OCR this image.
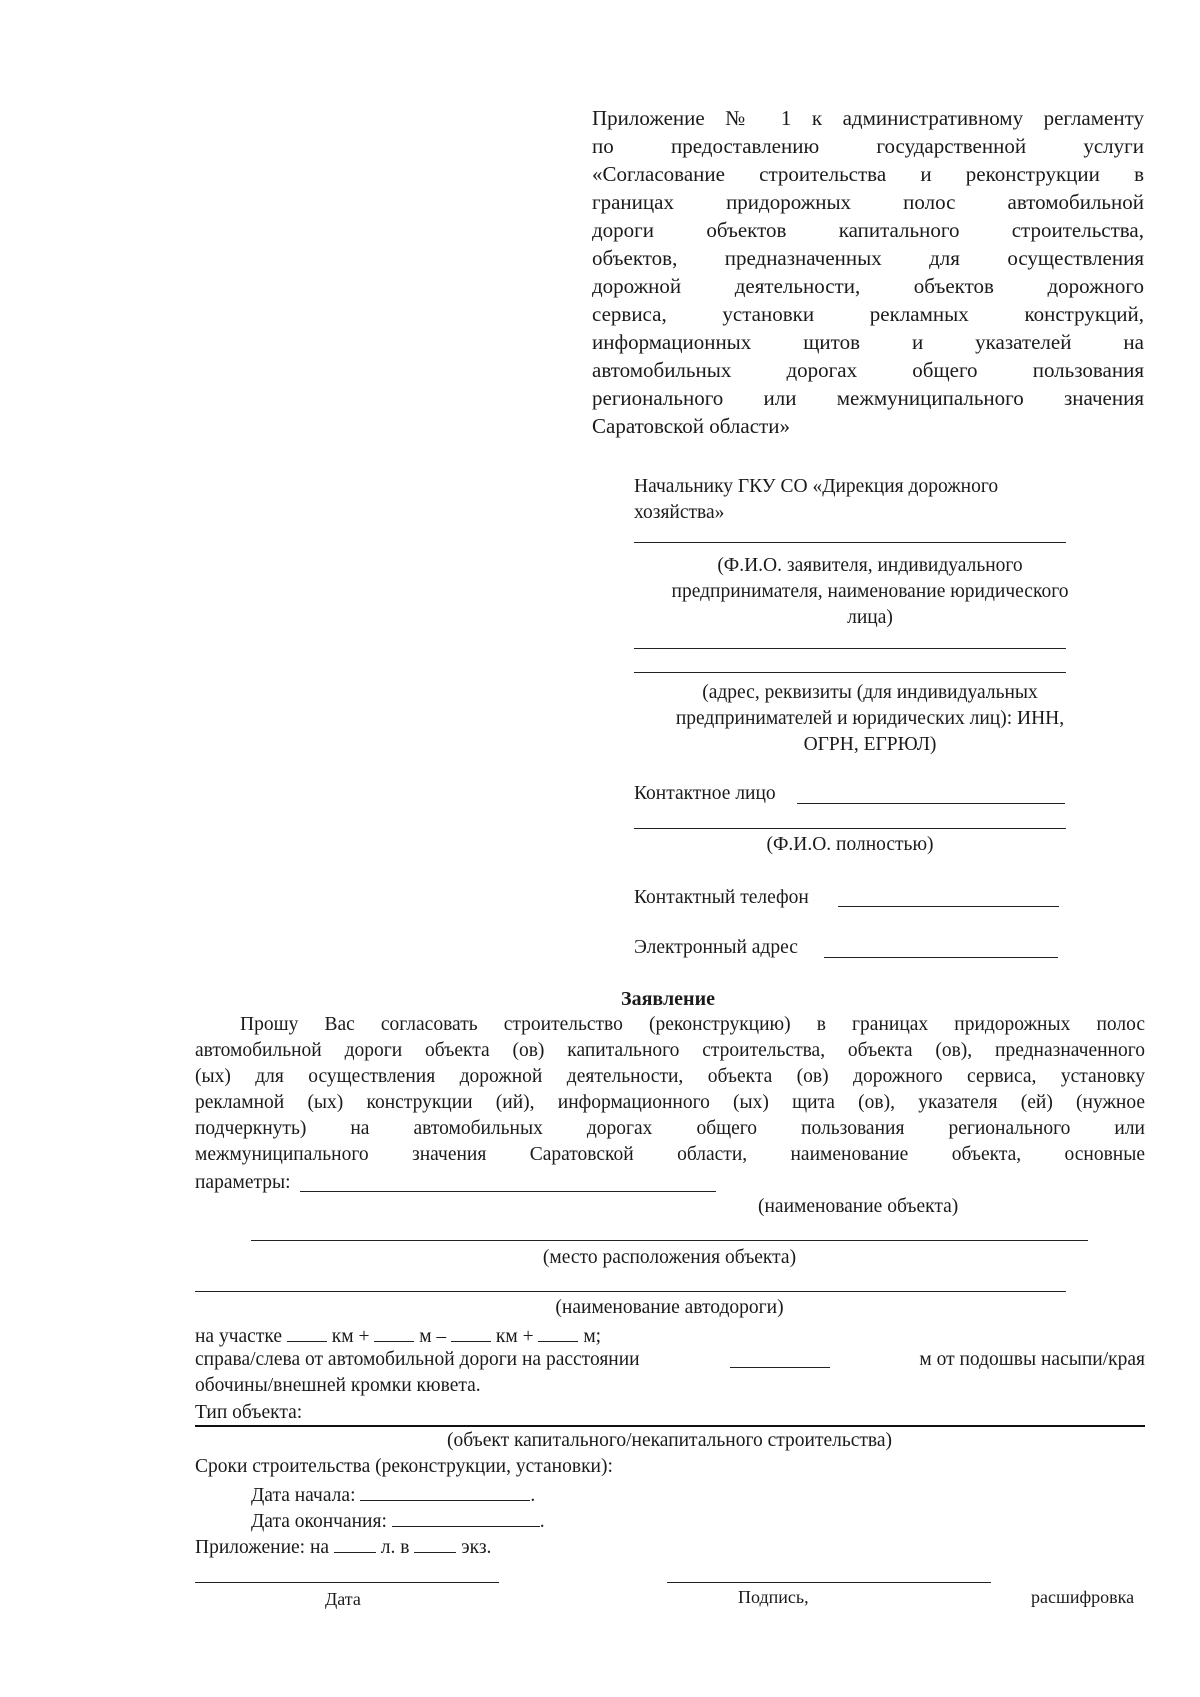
Приложение № 1 к административному регламенту
по предоставлению государственной услуги
«Согласование строительства и реконструкции в
границах придорожных полос автомобильной
дороги объектов капитального строительства,
объектов, предназначенных для осуществления
дорожной деятельности, объектов дорожного
сервиса, установки рекламных конструкций,
информационных щитов и указателей на
автомобильных дорогах общего пользования
регионального или межмуниципального значения
Саратовской области»
Начальнику ГКУ СО «Дирекция дорожного
хозяйства»
(Ф.И.О. заявителя, индивидуального
предпринимателя, наименование юридического
лица)
(адрес, реквизиты (для индивидуальных
предпринимателей и юридических лиц): ИНН,
ОГРН, ЕГРЮЛ)
Контактное лицо
(Ф.И.О. полностью)
Контактный телефон
Электронный адрес
Заявление
Прошу Вас согласовать строительство (реконструкцию) в границах придорожных полос
автомобильной дороги объекта (ов) капитального строительства, объекта (ов), предназначенного
(ых) для осуществления дорожной деятельности, объекта (ов) дорожного сервиса, установку
рекламной (ых) конструкции (ий), информационного (ых) щита (ов), указателя (ей) (нужное
подчеркнуть) на автомобильных дорогах общего пользования регионального или
межмуниципального значения Саратовской области, наименование объекта, основные
параметры:
(наименование объекта)
(место расположения объекта)
(наименование автодороги)
на участке	км +	м –	км +	м;
справа/слева от автомобильной дороги на расстоянии	м от подошвы насыпи/края
обочины/внешней кромки кювета.
Тип объекта:
(объект капитального/некапитального строительства)
Сроки строительства (реконструкции, установки):
Дата начала:	.
Дата окончания:	.
Приложение: на	л. в	экз.
Дата	Подпись,	расшифровка
